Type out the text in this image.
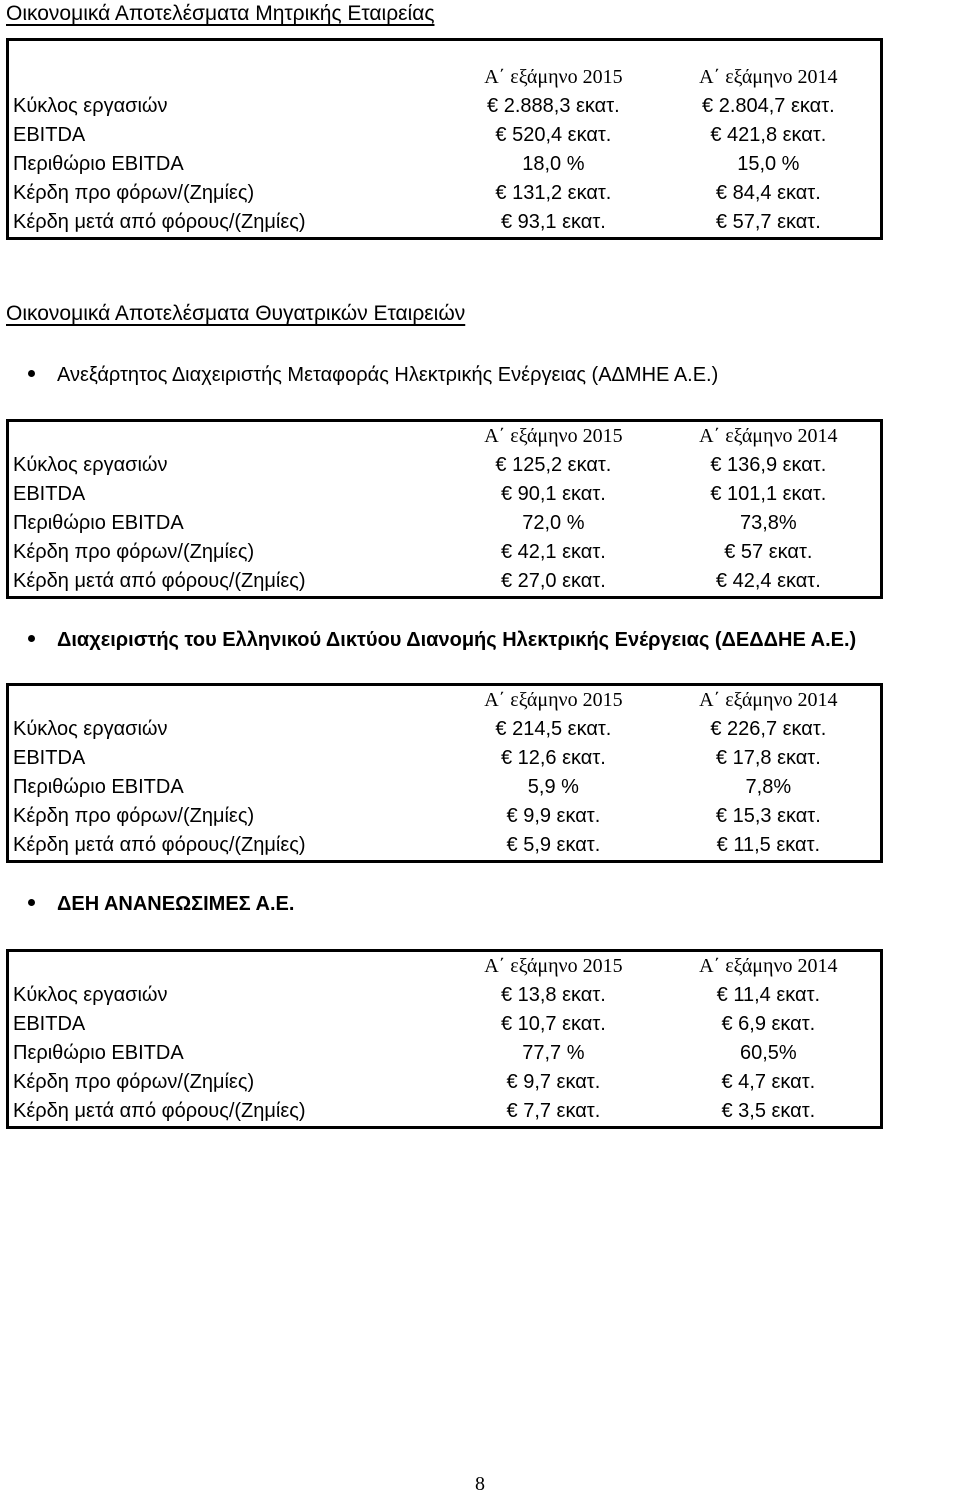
Οικονομικά Αποτελέσματα Μητρικής Εταιρείας

	Α΄ εξάμηνο 2015	Α΄ εξάμηνο 2014
Κύκλος εργασιών	€ 2.888,3 εκατ.	€ 2.804,7 εκατ.
EBITDA	€ 520,4 εκατ.	€ 421,8 εκατ.
Περιθώριο EBITDA	18,0 %	15,0 %
Κέρδη προ φόρων/(Ζημίες)	€ 131,2 εκατ.	€ 84,4 εκατ.
Κέρδη μετά από φόρους/(Ζημίες)	€ 93,1 εκατ.	€ 57,7 εκατ.
Οικονομικά Αποτελέσματα Θυγατρικών Εταιρειών
Ανεξάρτητος Διαχειριστής Μεταφοράς Ηλεκτρικής Ενέργειας (ΑΔΜΗΕ Α.Ε.)
	Α΄ εξάμηνο 2015	Α΄ εξάμηνο 2014
Κύκλος εργασιών	€ 125,2 εκατ.	€ 136,9 εκατ.
EBITDA	€ 90,1 εκατ.	€ 101,1 εκατ.
Περιθώριο EBITDA	72,0 %	73,8%
Κέρδη προ φόρων/(Ζημίες)	€ 42,1 εκατ.	€ 57 εκατ.
Κέρδη μετά από φόρους/(Ζημίες)	€ 27,0 εκατ.	€ 42,4 εκατ.
Διαχειριστής του Ελληνικού Δικτύου Διανομής Ηλεκτρικής Ενέργειας (ΔΕΔΔΗΕ Α.Ε.)
	Α΄ εξάμηνο 2015	Α΄ εξάμηνο 2014
Κύκλος εργασιών	€ 214,5 εκατ.	€ 226,7 εκατ.
EBITDA	€ 12,6 εκατ.	€ 17,8 εκατ.
Περιθώριο EBITDA	5,9 %	7,8%
Κέρδη προ φόρων/(Ζημίες)	€ 9,9 εκατ.	€ 15,3 εκατ.
Κέρδη μετά από φόρους/(Ζημίες)	€ 5,9 εκατ.	€ 11,5 εκατ.
ΔΕΗ ΑΝΑΝΕΩΣΙΜΕΣ Α.Ε.
	Α΄ εξάμηνο 2015	Α΄ εξάμηνο 2014
Κύκλος εργασιών	€ 13,8 εκατ.	€ 11,4 εκατ.
EBITDA	€ 10,7 εκατ.	€ 6,9 εκατ.
Περιθώριο EBITDA	77,7 %	60,5%
Κέρδη προ φόρων/(Ζημίες)	€ 9,7 εκατ.	€ 4,7 εκατ.
Κέρδη μετά από φόρους/(Ζημίες)	€ 7,7 εκατ.	€ 3,5 εκατ.
8
